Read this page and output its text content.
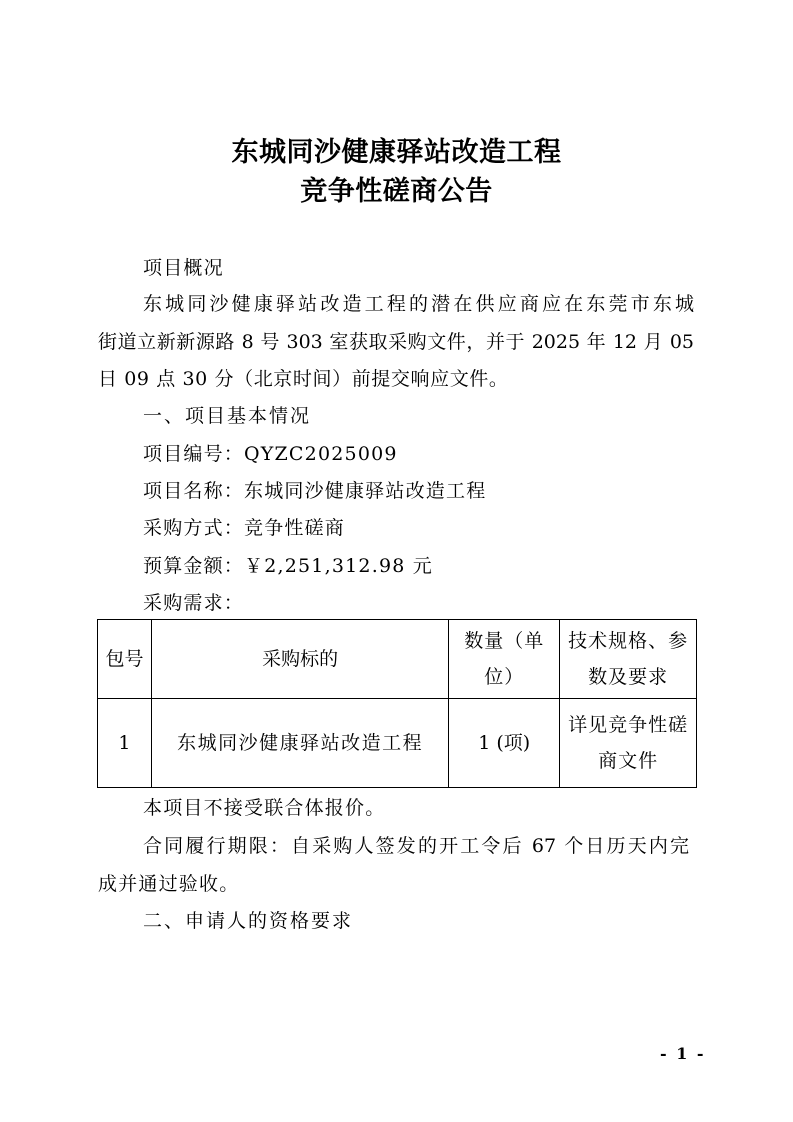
东城同沙健康驿站改造工程
竞争性磋商公告
项目概况
东城同沙健康驿站改造工程的潜在供应商应在东莞市东城
街道立新新源路 8 号 303 室获取采购文件，并于 2025 年 12 月 05
日 09 点 30 分（北京时间）前提交响应文件。
一、项目基本情况
项目编号：QYZC2025009
项目名称：东城同沙健康驿站改造工程
采购方式：竞争性磋商
预算金额：￥2,251,312.98 元
采购需求：
包号	采购标的	数量（单位）	技术规格、参数及要求
1	东城同沙健康驿站改造工程	1 (项)	详见竞争性磋商文件
本项目不接受联合体报价。
合同履行期限：自采购人签发的开工令后 67 个日历天内完
成并通过验收。
二、申请人的资格要求
- 1 -
